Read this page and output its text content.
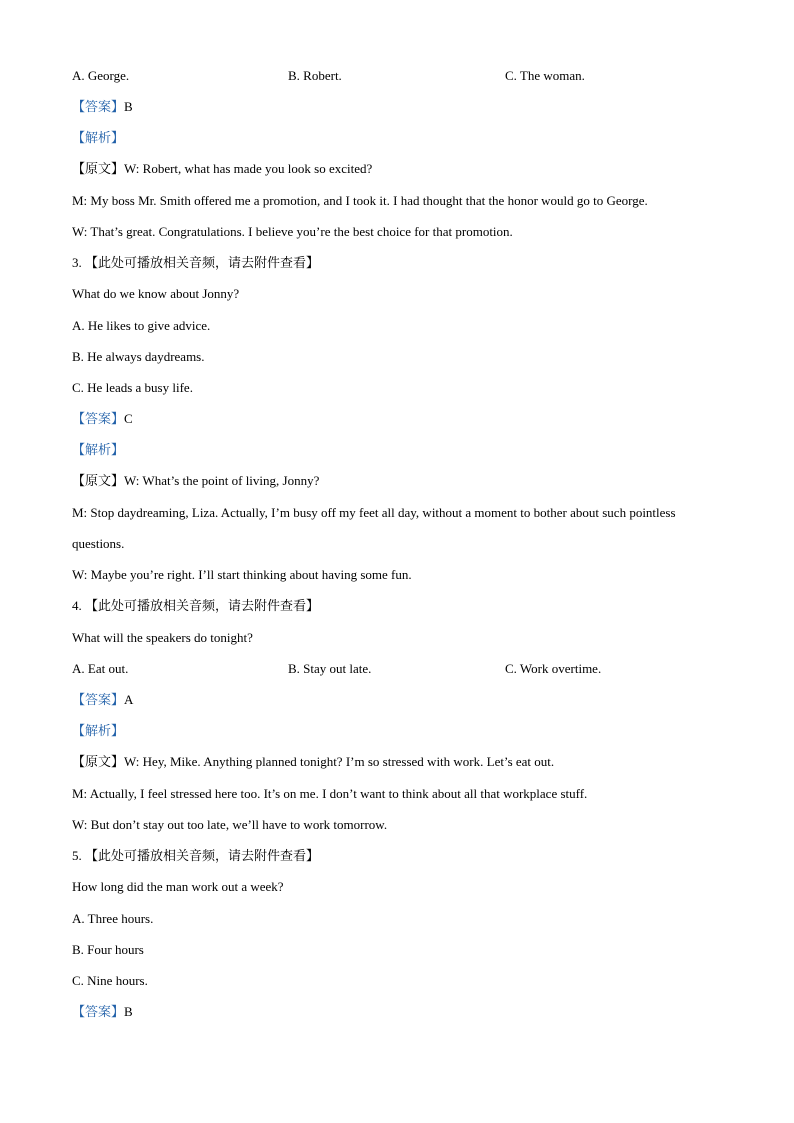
A. George.	B. Robert.	C. The woman.
【答案】B
【解析】
【原文】W: Robert, what has made you look so excited?
M: My boss Mr. Smith offered me a promotion, and I took it. I had thought that the honor would go to George.
W: That’s great. Congratulations. I believe you’re the best choice for that promotion.
3. 【此处可播放相关音频，请去附件查看】
What do we know about Jonny?
A. He likes to give advice.
B. He always daydreams.
C. He leads a busy life.
【答案】C
【解析】
【原文】W: What’s the point of living, Jonny?
M: Stop daydreaming, Liza. Actually, I’m busy off my feet all day, without a moment to bother about such pointless
questions.
W: Maybe you’re right. I’ll start thinking about having some fun.
4. 【此处可播放相关音频，请去附件查看】
What will the speakers do tonight?
A. Eat out.	B. Stay out late.	C. Work overtime.
【答案】A
【解析】
【原文】W: Hey, Mike. Anything planned tonight? I’m so stressed with work. Let’s eat out.
M: Actually, I feel stressed here too. It’s on me. I don’t want to think about all that workplace stuff.
W: But don’t stay out too late, we’ll have to work tomorrow.
5. 【此处可播放相关音频，请去附件查看】
How long did the man work out a week?
A. Three hours.
B. Four hours
C. Nine hours.
【答案】B
